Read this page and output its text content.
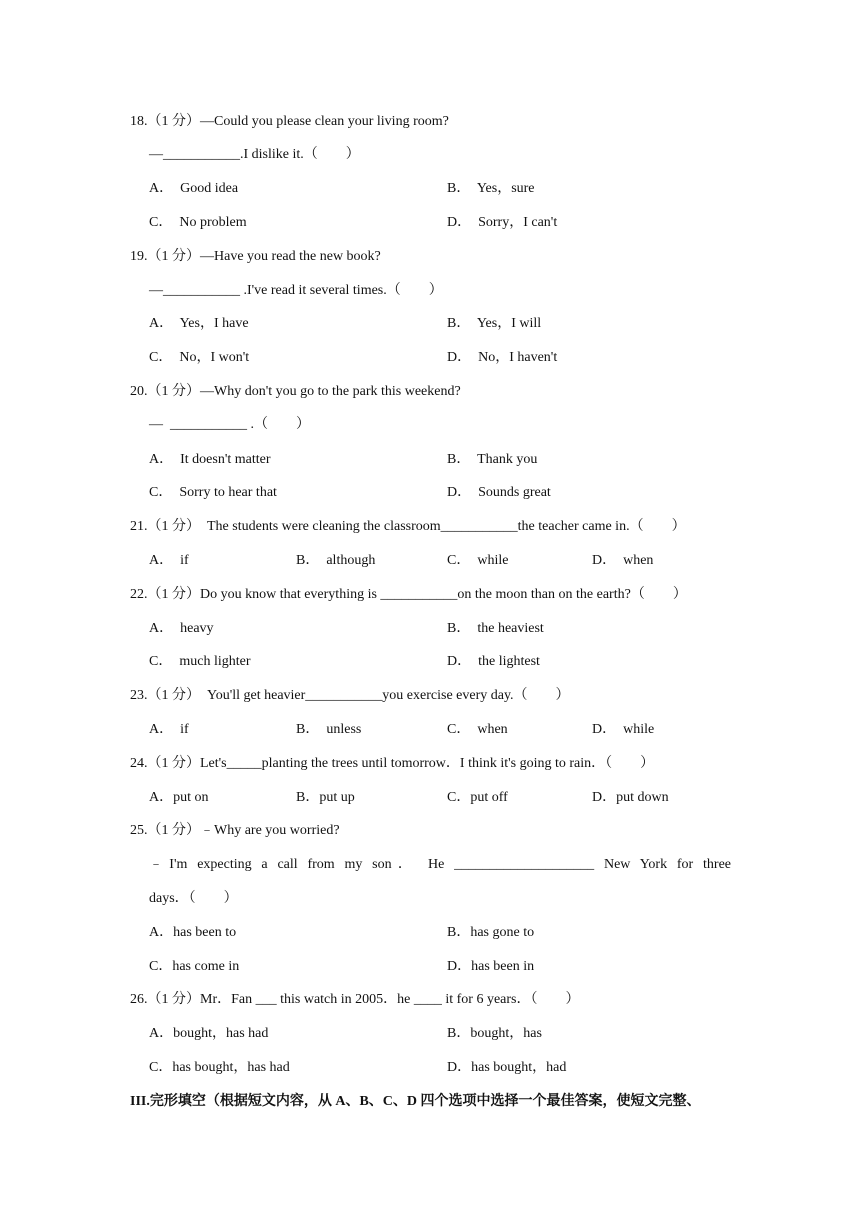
18.（1 分）—Could you please clean your living room?
—___________.I dislike it.（　　）
A．  Good idea	B．  Yes，sure
C．  No problem	D．  Sorry，I can't
19.（1 分）—Have you read the new book?
—___________ .I've read it several times.（　　）
A．  Yes，I have	B．  Yes，I will
C．  No，I won't	D．  No，I haven't
20.（1 分）—Why don't you go to the park this weekend?
—  ___________ .（　　）
A．  It doesn't matter	B．  Thank you
C．  Sorry to hear that	D．  Sounds great
21.（1 分）  The students were cleaning the classroom___________the teacher came in.（　　）
A．  if	B．  although	C．  while	D．  when
22.（1 分）Do you know that everything is ___________on the moon than on the earth?（　　）
A．  heavy	B．  the heaviest
C．  much lighter	D．  the lightest
23.（1 分）  You'll get heavier___________you exercise every day.（　　）
A．  if	B．  unless	C．  when	D．  while
24.（1 分）Let's_____planting the trees until tomorrow．I think it's going to rain．（　　）
A．put on	B．put up	C．put off	D．put down
25.（1 分）﹣Why are you worried?
﹣I'm expecting a call from my son． He ____________________ New York for three
days．（　　）
A．has been to	B．has gone to
C．has come in	D．has been in
26.（1 分）Mr．Fan ___ this watch in 2005．he ____ it for 6 years．（　　）
A．bought，has had	B．bought，has
C．has bought，has had	D．has bought，had
III.完形填空（根据短文内容，从 A、B、C、D 四个选项中选择一个最佳答案，使短文完整、
